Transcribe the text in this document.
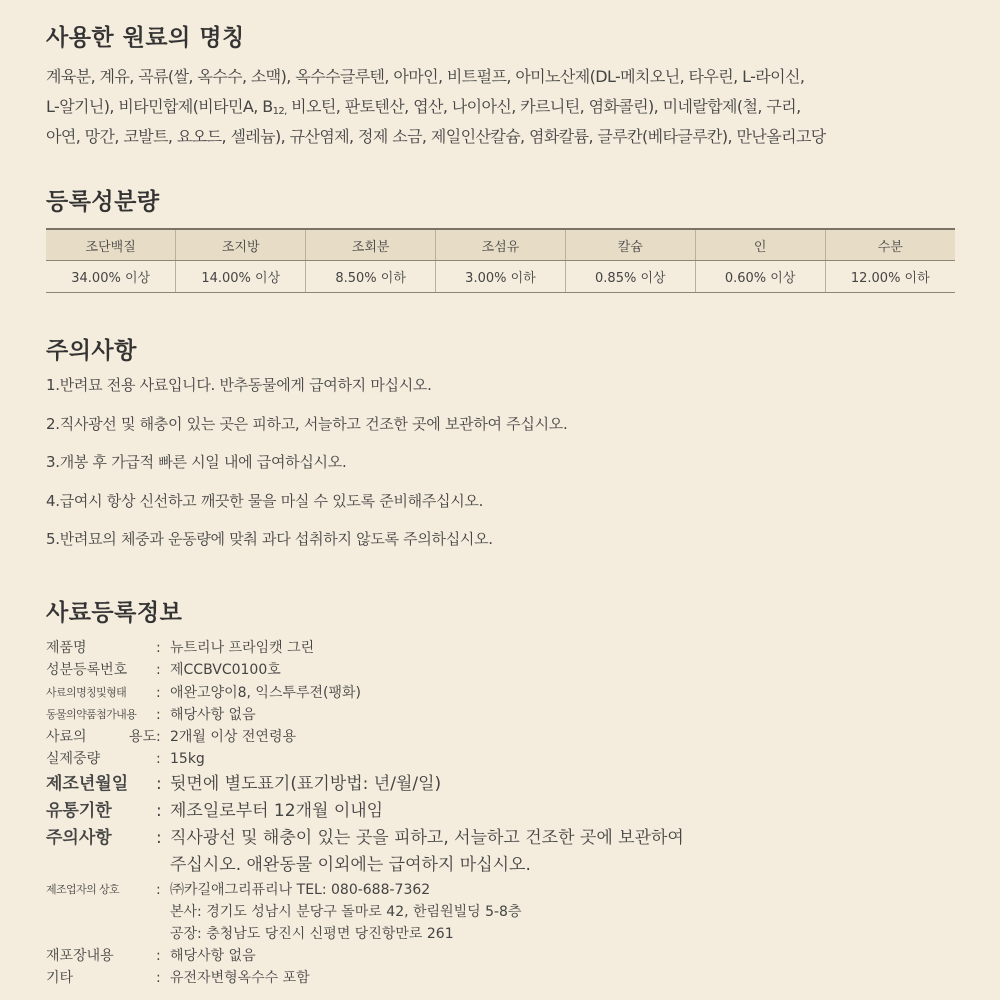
사용한 원료의 명칭
계육분, 계유, 곡류(쌀, 옥수수, 소맥), 옥수수글루텐, 아마인, 비트펄프, 아미노산제(DL-메치오닌, 타우린, L-라이신,
L-알기닌), 비타민합제(비타민A, $B_{12,}$ 비오틴, 판토텐산, 엽산, 나이아신, 카르니틴, 염화콜린), 미네랄합제(철, 구리,
아연, 망간, 코발트, 요오드, 셀레늄), 규산염제, 정제 소금, 제일인산칼슘, 염화칼륨, 글루칸(베타글루칸), 만난올리고당
등록성분량
조단백질	조지방	조회분	조섬유	칼슘	인	수분
34.00% 이상	14.00% 이상	8.50% 이하	3.00% 이하	0.85% 이상	0.60% 이상	12.00% 이하
주의사항
1.반려묘 전용 사료입니다. 반추동물에게 급여하지 마십시오.
2.직사광선 및 해충이 있는 곳은 피하고, 서늘하고 건조한 곳에 보관하여 주십시오.
3.개봉 후 가급적 빠른 시일 내에 급여하십시오.
4.급여시 항상 신선하고 깨끗한 물을 마실 수 있도록 준비해주십시오.
5.반려묘의 체중과 운동량에 맞춰 과다 섭취하지 않도록 주의하십시오.
사료등록정보
제품명	: 뉴트리나 프라임캣 그린
성분등록번호	: 제CCBVC0100호
사료의명칭및형태	: 애완고양이8, 익스투루젼(팽화)
동물의약품첨가내용	: 해당사항 없음
사료의 용도 : 2개월 이상 전연령용
실제중량	: 15kg
제조년월일	: 뒷면에 별도표기(표기방법: 년/월/일)
유통기한	: 제조일로부터 12개월 이내임
주의사항	: 직사광선 및 해충이 있는 곳을 피하고, 서늘하고 건조한 곳에 보관하여
주십시오. 애완동물 이외에는 급여하지 마십시오.
제조업자의 상호	: ㈜카길애그리퓨리나 TEL: 080-688-7362
본사: 경기도 성남시 분당구 돌마로 42, 한림원빌딩 5-8층
공장: 충청남도 당진시 신평면 당진항만로 261
재포장내용	: 해당사항 없음
기타	: 유전자변형옥수수 포함
